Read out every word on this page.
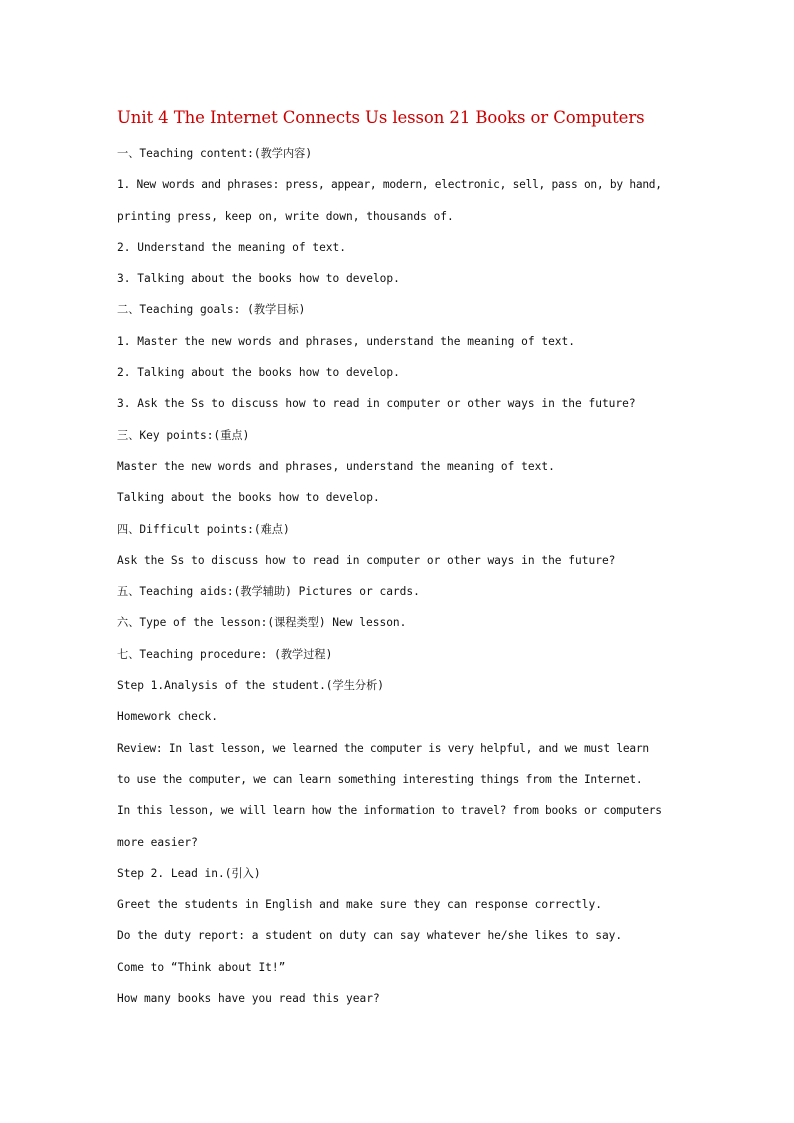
Unit 4 The Internet Connects Us lesson 21 Books or Computers
一、Teaching content:(教学内容)
1. New words and phrases: press, appear, modern, electronic, sell, pass on, by hand,
printing press, keep on, write down, thousands of.
2. Understand the meaning of text.
3. Talking about the books how to develop.
二、Teaching goals: (教学目标)
1. Master the new words and phrases, understand the meaning of text.
2. Talking about the books how to develop.
3. Ask the Ss to discuss how to read in computer or other ways in the future?
三、Key points:(重点)
Master the new words and phrases, understand the meaning of text.
Talking about the books how to develop.
四、Difficult points:(难点)
Ask the Ss to discuss how to read in computer or other ways in the future?
五、Teaching aids:(教学辅助) Pictures or cards.
六、Type of the lesson:(课程类型) New lesson.
七、Teaching procedure: (教学过程)
Step 1.Analysis of the student.(学生分析)
Homework check.
Review: In last lesson, we learned the computer is very helpful, and we must learn
to use the computer, we can learn something interesting things from the Internet.
In this lesson, we will learn how the information to travel? from books or computers
more easier?
Step 2. Lead in.(引入)
Greet the students in English and make sure they can response correctly.
Do the duty report: a student on duty can say whatever he/she likes to say.
Come to “Think about It!”
How many books have you read this year?
